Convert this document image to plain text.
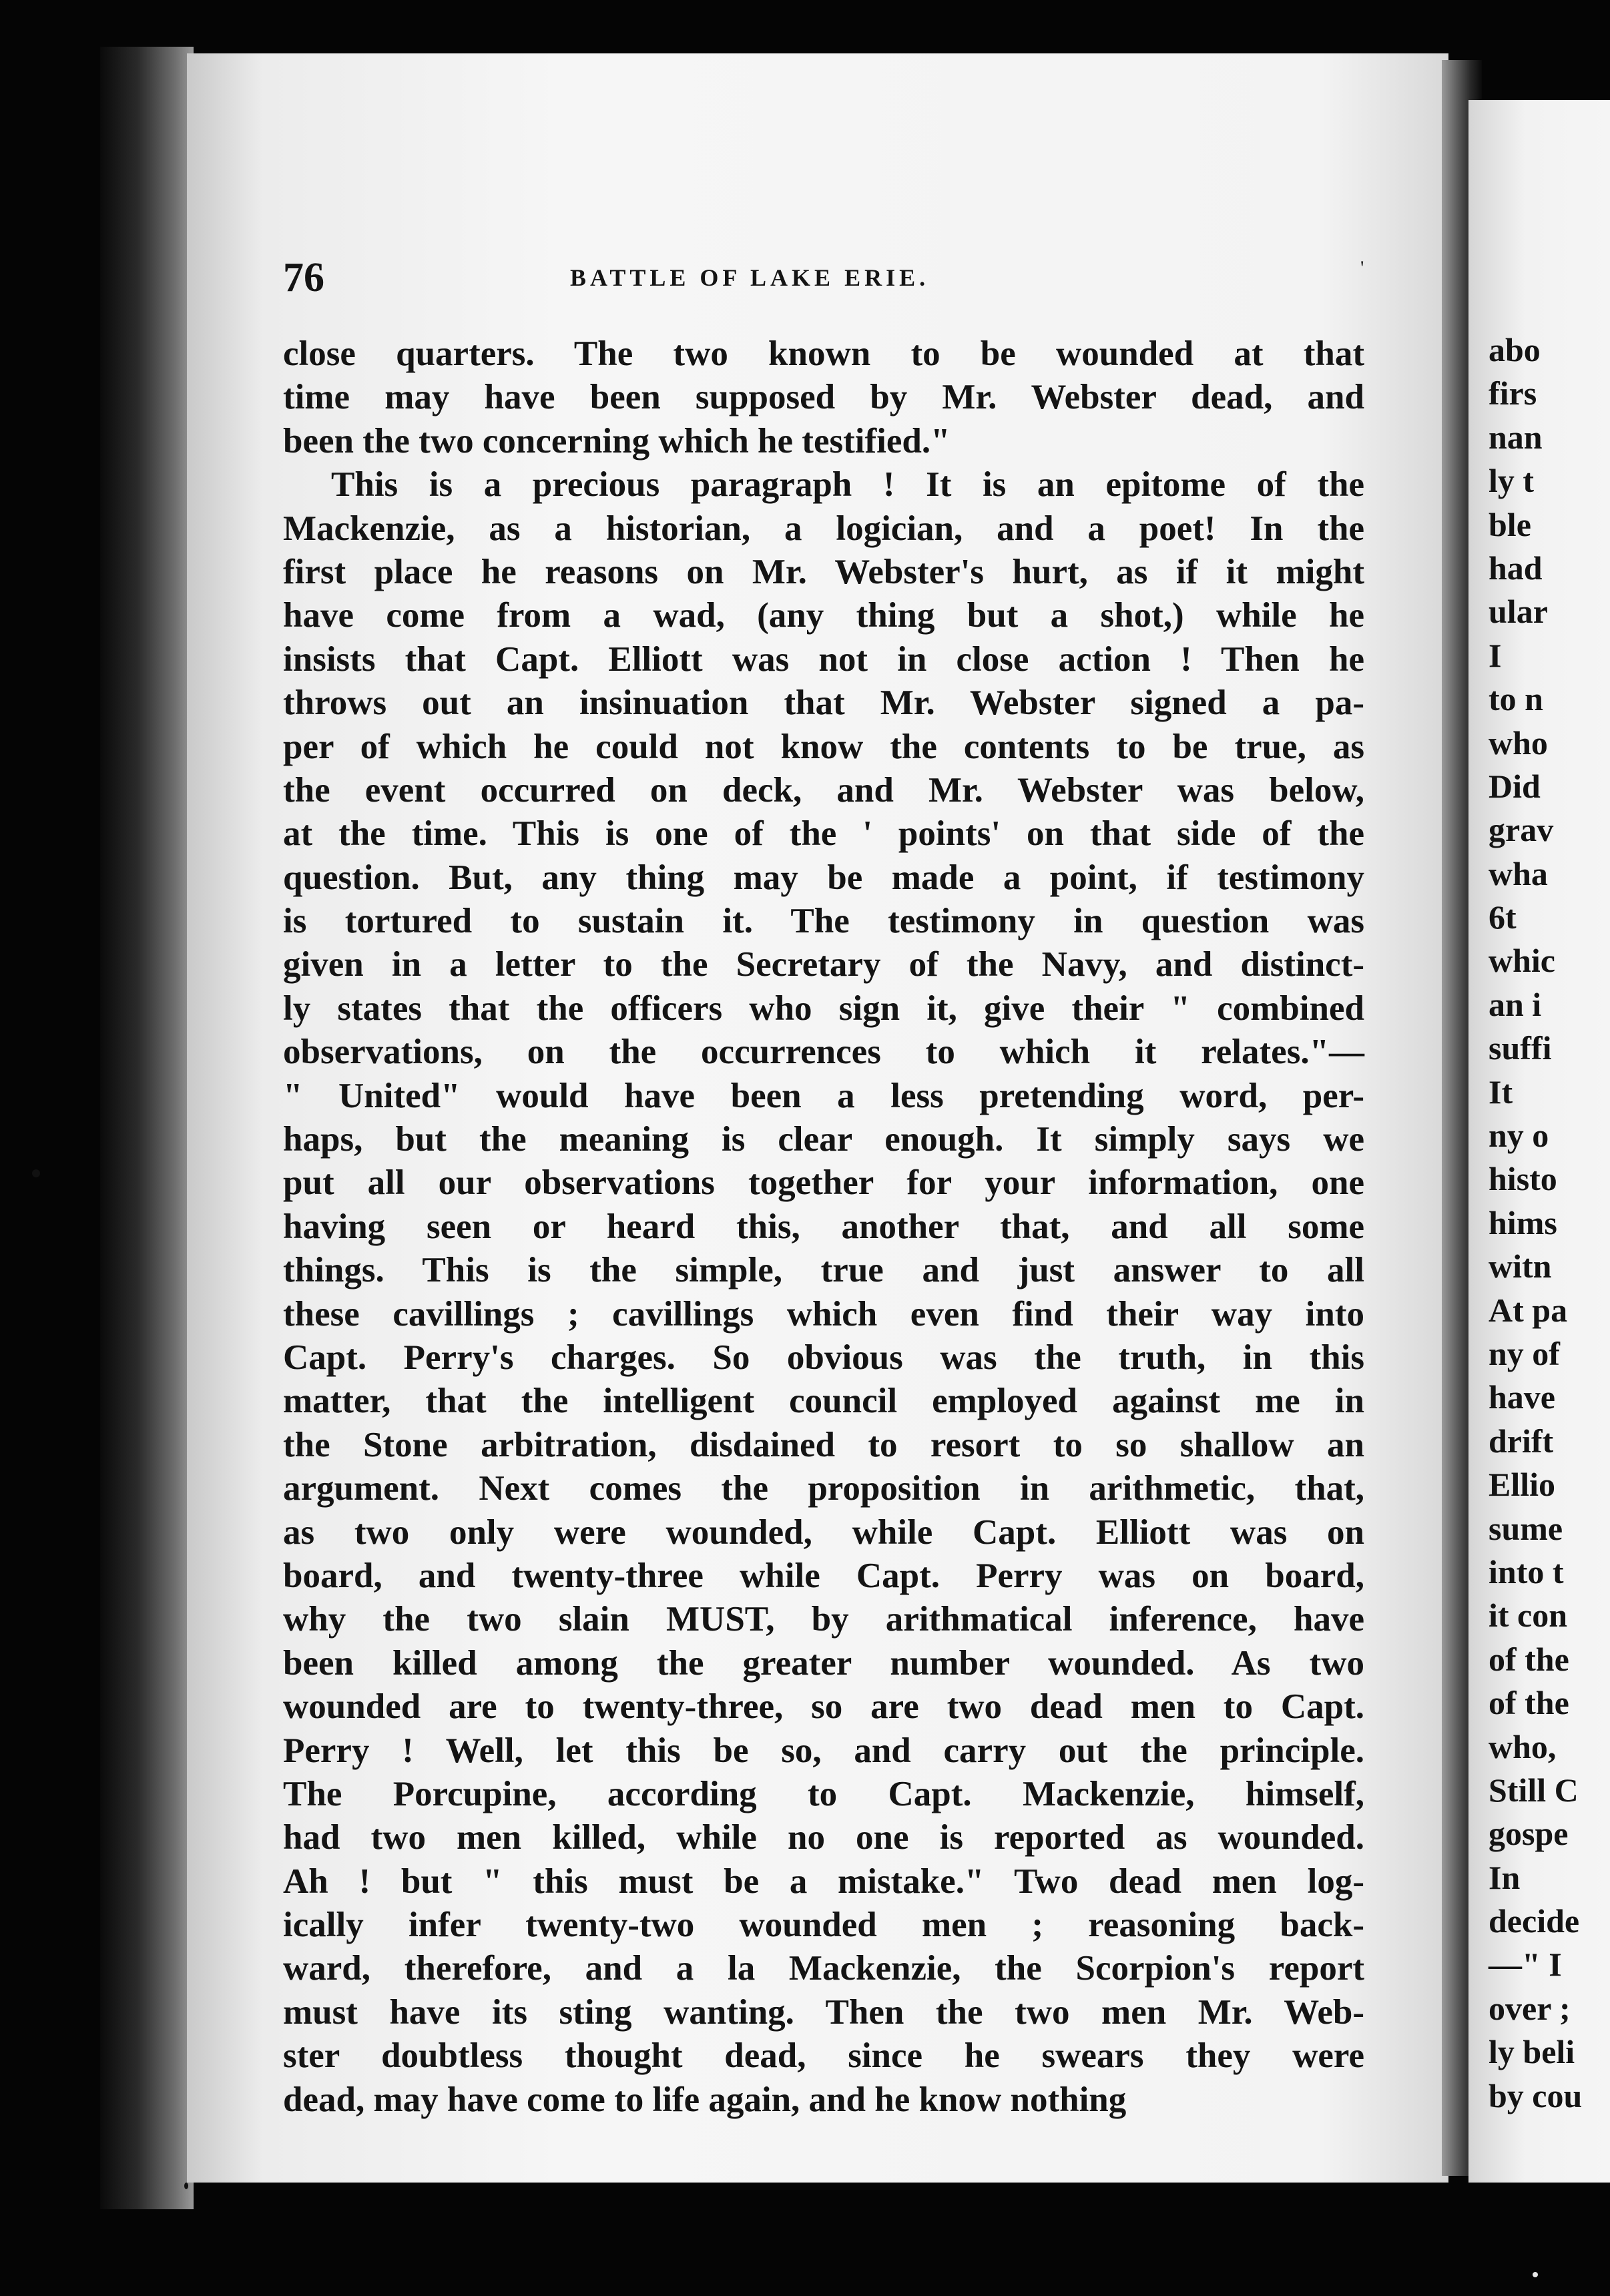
76	BATTLE OF LAKE ERIE.	'
close quarters. The two known to be wounded at that
time may have been supposed by Mr. Webster dead, and
been the two concerning which he testified."
This is a precious paragraph ! It is an epitome of the
Mackenzie, as a historian, a logician, and a poet! In the
first place he reasons on Mr. Webster's hurt, as if it might
have come from a wad, (any thing but a shot,) while he
insists that Capt. Elliott was not in close action ! Then he
throws out an insinuation that Mr. Webster signed a pa-
per of which he could not know the contents to be true, as
the event occurred on deck, and Mr. Webster was below,
at the time. This is one of the ' points' on that side of the
question. But, any thing may be made a point, if testimony
is tortured to sustain it. The testimony in question was
given in a letter to the Secretary of the Navy, and distinct-
ly states that the officers who sign it, give their " combined
observations, on the occurrences to which it relates."—
" United" would have been a less pretending word, per-
haps, but the meaning is clear enough. It simply says we
put all our observations together for your information, one
having seen or heard this, another that, and all some
things. This is the simple, true and just answer to all
these cavillings ; cavillings which even find their way into
Capt. Perry's charges. So obvious was the truth, in this
matter, that the intelligent council employed against me in
the Stone arbitration, disdained to resort to so shallow an
argument. Next comes the proposition in arithmetic, that,
as two only were wounded, while Capt. Elliott was on
board, and twenty-three while Capt. Perry was on board,
why the two slain MUST, by arithmatical inference, have
been killed among the greater number wounded. As two
wounded are to twenty-three, so are two dead men to Capt.
Perry ! Well, let this be so, and carry out the principle.
The Porcupine, according to Capt. Mackenzie, himself,
had two men killed, while no one is reported as wounded.
Ah ! but " this must be a mistake." Two dead men log-
ically infer twenty-two wounded men ; reasoning back-
ward, therefore, and a la Mackenzie, the Scorpion's report
must have its sting wanting. Then the two men Mr. Web-
ster doubtless thought dead, since he swears they were
dead, may have come to life again, and he know nothing
abo
firs
nan
ly t
ble
had
ular
I
to n
who
Did
grav
wha
6t
whic
an i
suffi
It
ny o
histo
hims
witn
At pa
ny of
have
drift
Ellio
sume
into t
it con
of the
of the
who,
Still C
gospe
In
decide
—" I
over ;
ly beli
by cou
